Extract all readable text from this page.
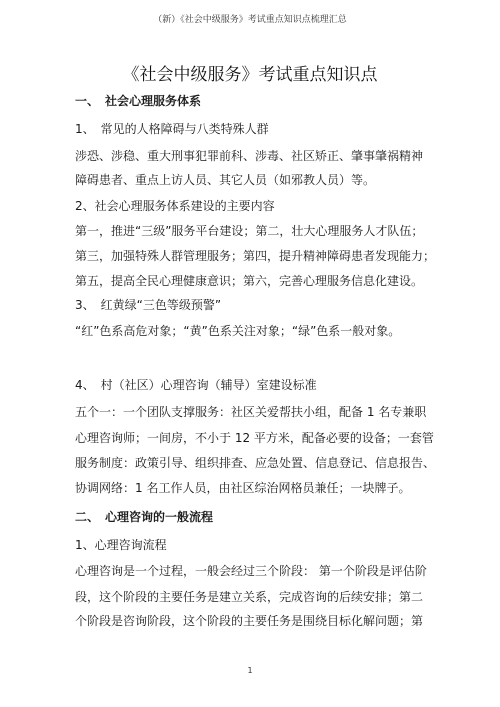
（新）《社会中级服务》考试重点知识点梳理汇总
《社会中级服务》考试重点知识点
一、　社会心理服务体系
1、　常见的人格障碍与八类特殊人群
涉恐、涉稳、重大刑事犯罪前科、涉毒、社区矫正、肇事肇祸精神
障碍患者、重点上访人员、其它人员（如邪教人员）等。
2、社会心理服务体系建设的主要内容
第一，推进“三级”服务平台建设；第二，壮大心理服务人才队伍；
第三，加强特殊人群管理服务；第四，提升精神障碍患者发现能力；
第五，提高全民心理健康意识；第六，完善心理服务信息化建设。
3、　红黄绿“三色等级预警”
“红”色系高危对象；“黄”色系关注对象；“绿”色系一般对象。
4、　村（社区）心理咨询（辅导）室建设标准
五个一：一个团队支撑服务：社区关爱帮扶小组，配备 1 名专兼职
心理咨询师；一间房，不小于 12 平方米，配备必要的设备；一套管
服务制度：政策引导、组织排查、应急处置、信息登记、信息报告、
协调网络：1 名工作人员，由社区综治网格员兼任；一块牌子。
二、　心理咨询的一般流程
1、心理咨询流程
心理咨询是一个过程，一般会经过三个阶段： 第一个阶段是评估阶
段，这个阶段的主要任务是建立关系，完成咨询的后续安排；第二
个阶段是咨询阶段，这个阶段的主要任务是围绕目标化解问题；第
1
